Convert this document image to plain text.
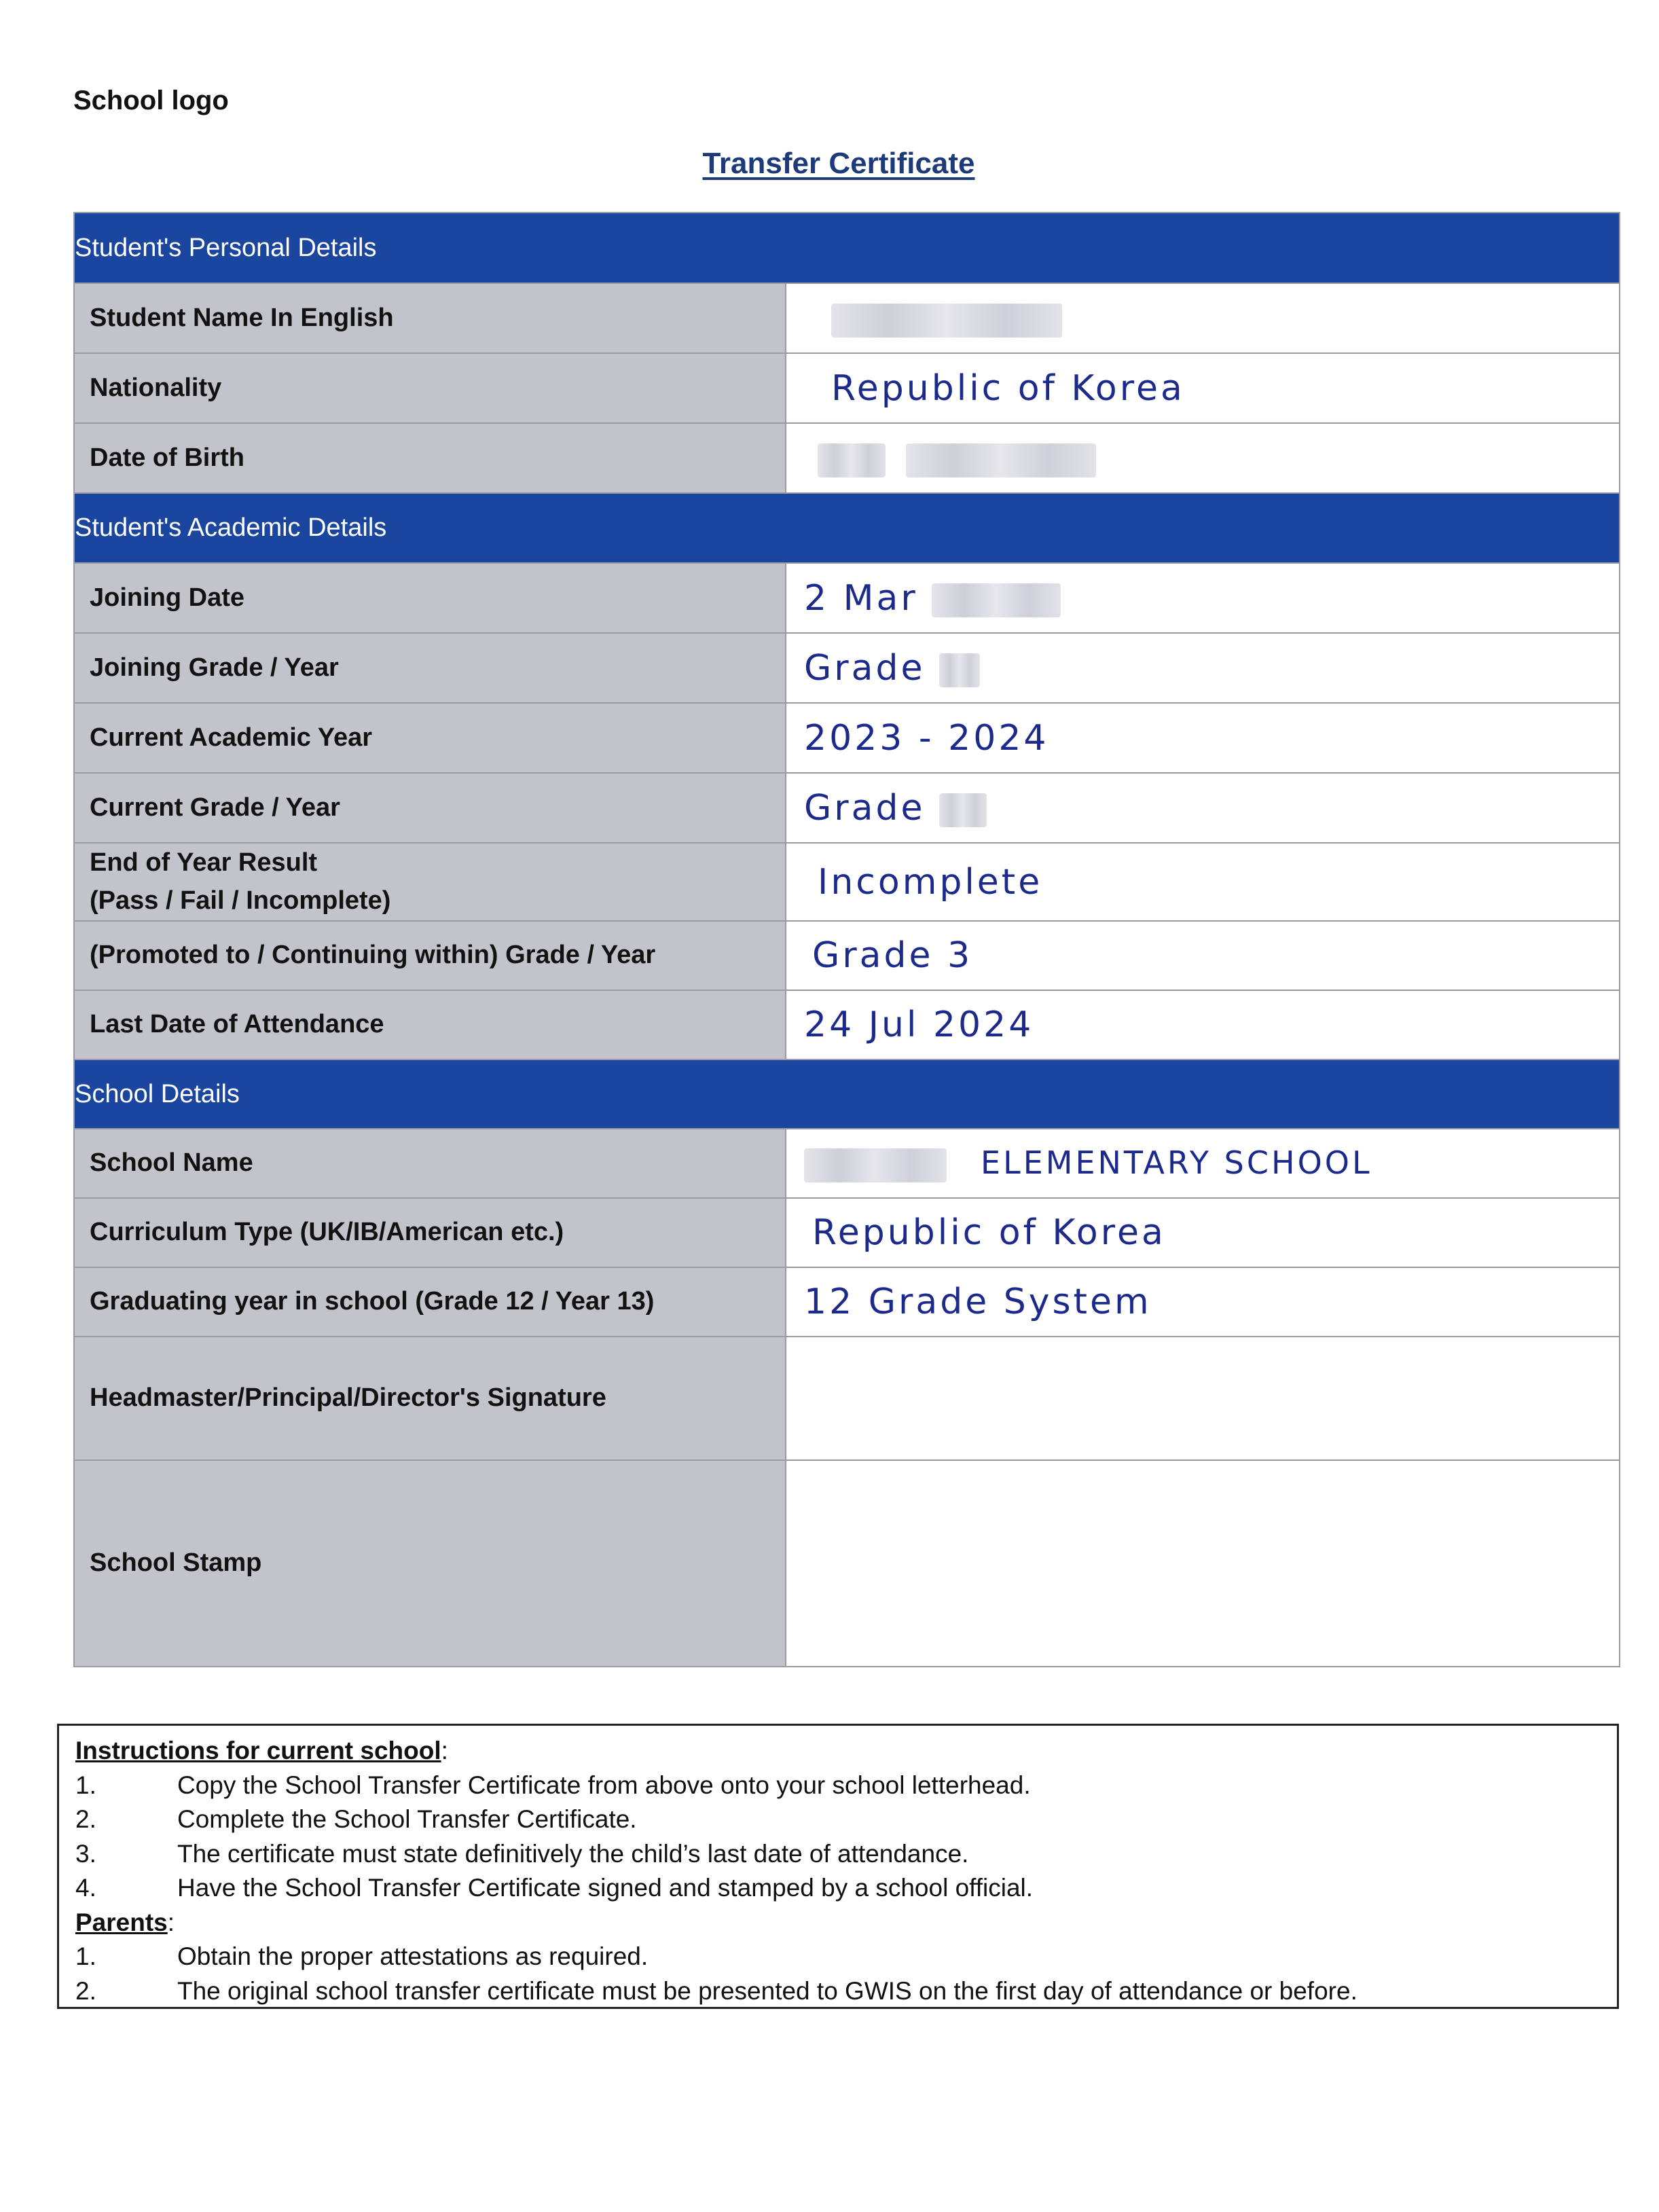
School logo
Transfer Certificate
Student's Personal Details	
Student Name In English	
Nationality	Republic of Korea
Date of Birth	
Student's Academic Details	
Joining Date	2 Mar
Joining Grade / Year	Grade
Current Academic Year	2023 - 2024
Current Grade / Year	Grade

End of Year Result
(Pass / Fail / Incomplete)	Incomplete
(Promoted to / Continuing within) Grade / Year	Grade 3
Last Date of Attendance	24 Jul 2024
School Details	
School Name	ELEMENTARY SCHOOL
Curriculum Type (UK/IB/American etc.)	Republic of Korea
Graduating year in school (Grade 12 / Year 13)	12 Grade System
Headmaster/Principal/Director's Signature	
School Stamp	
Instructions for current school:
1.	Copy the School Transfer Certificate from above onto your school letterhead.
2.	Complete the School Transfer Certificate.
3.	The certificate must state definitively the child’s last date of attendance.
4.	Have the School Transfer Certificate signed and stamped by a school official.
Parents:
1.	Obtain the proper attestations as required.
2.	The original school transfer certificate must be presented to GWIS on the first day of attendance or before.
